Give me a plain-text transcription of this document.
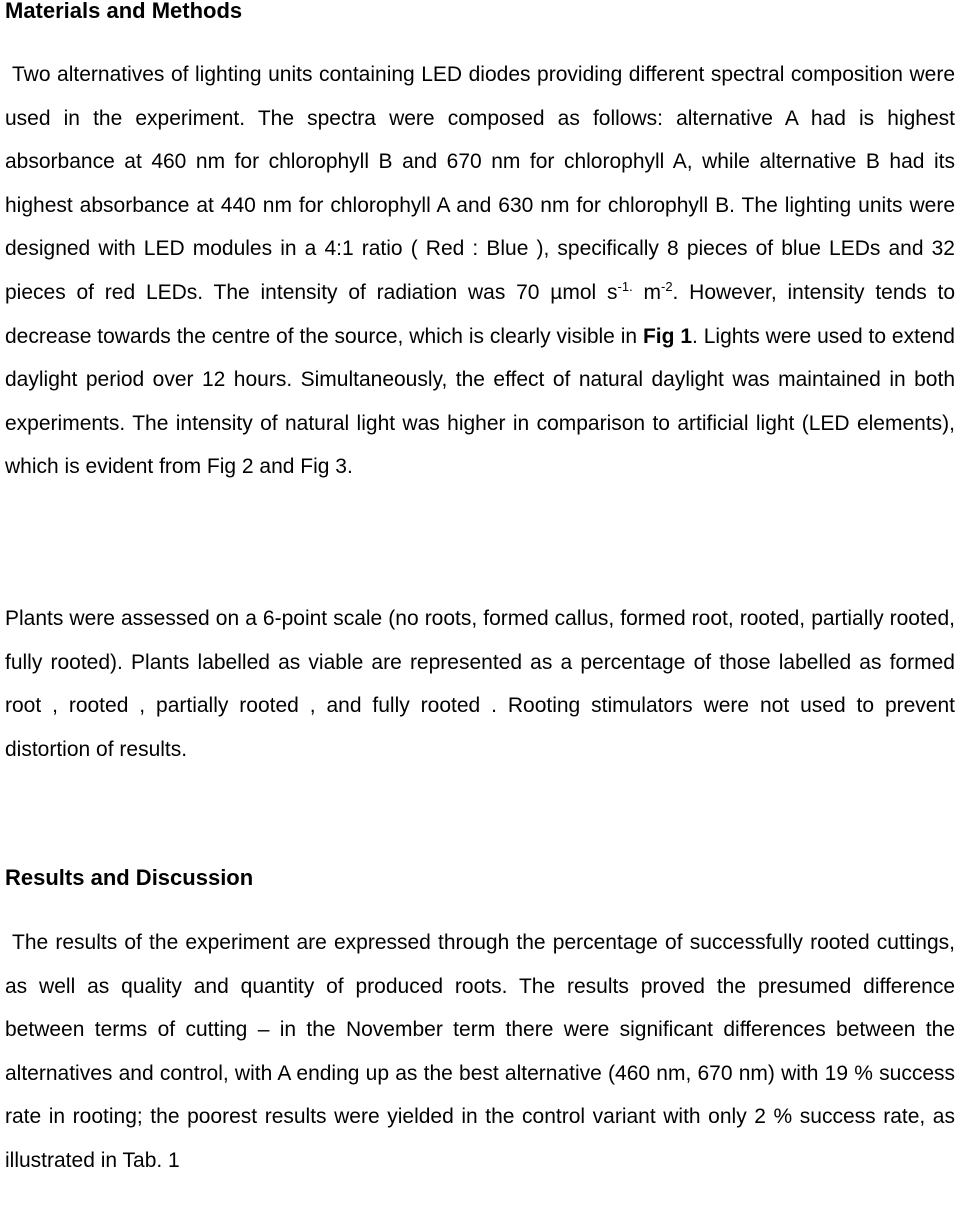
Materials and Methods

Two alternatives of lighting units containing LED diodes providing different spectral composition were used in the experiment. The spectra were composed as follows: alternative A had is highest absorbance at 460 nm for chlorophyll B and 670 nm for chlorophyll A, while alternative B had its highest absorbance at 440 nm for chlorophyll A and 630 nm for chlorophyll B. The lighting units were designed with LED modules in a 4:1 ratio ( Red : Blue ), specifically 8 pieces of blue LEDs and 32 pieces of red LEDs. The intensity of radiation was 70 µmol $s^{-1.}$ $m^{-2}$. However, intensity tends to decrease towards the centre of the source, which is clearly visible in Fig 1. Lights were used to extend daylight period over 12 hours. Simultaneously, the effect of natural daylight was maintained in both experiments. The intensity of natural light was higher in comparison to artificial light (LED elements), which is evident from Fig 2 and Fig 3.

Plants were assessed on a 6-point scale (no roots, formed callus, formed root, rooted, partially rooted, fully rooted). Plants labelled as viable are represented as a percentage of those labelled as formed root , rooted , partially rooted , and fully rooted . Rooting stimulators were not used to prevent distortion of results.

Results and Discussion

The results of the experiment are expressed through the percentage of successfully rooted cuttings, as well as quality and quantity of produced roots. The results proved the presumed difference between terms of cutting – in the November term there were significant differences between the alternatives and control, with A ending up as the best alternative (460 nm, 670 nm) with 19 % success rate in rooting; the poorest results were yielded in the control variant with only 2 % success rate, as illustrated in Tab. 1
